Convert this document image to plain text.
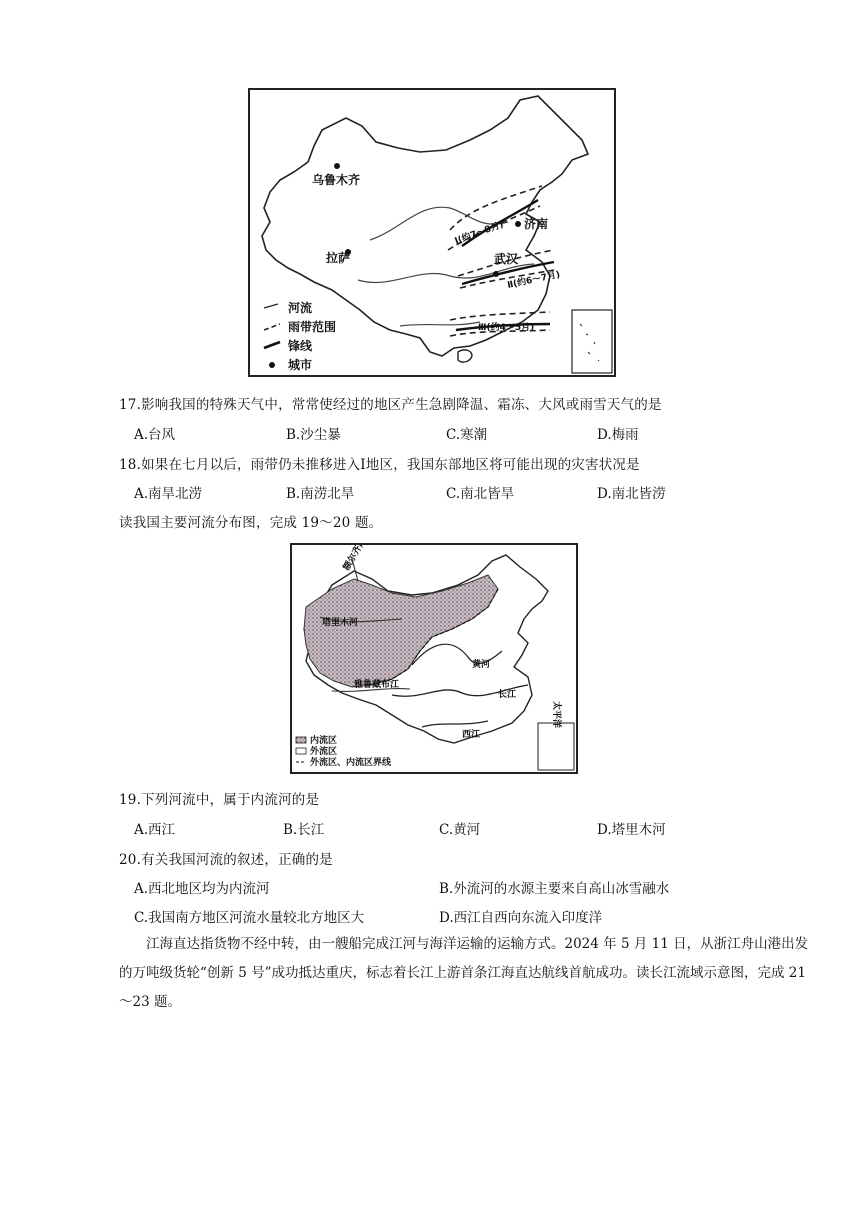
乌鲁木齐
拉萨
济南
武汉
Ⅰ(约7～8月)
Ⅱ(约6～7月)
Ⅲ(约4～5月)
河流
雨带范围
锋线
城市
17.影响我国的特殊天气中，常常使经过的地区产生急剧降温、霜冻、大风或雨雪天气的是
A.台风	B.沙尘暴	C.寒潮	D.梅雨
18.如果在七月以后，雨带仍未推移进入Ⅰ地区，我国东部地区将可能出现的灾害状况是
A.南旱北涝	B.南涝北旱	C.南北皆旱	D.南北皆涝
读我国主要河流分布图，完成 19～20 题。
额尔齐斯河
塔里木河
雅鲁藏布江
黄河
长江
西江
太平洋
内流区
外流区
外流区、内流区界线
19.下列河流中，属于内流河的是
A.西江	B.长江	C.黄河	D.塔里木河
20.有关我国河流的叙述，正确的是
A.西北地区均为内流河	B.外流河的水源主要来自高山冰雪融水
C.我国南方地区河流水量较北方地区大	D.西江自西向东流入印度洋
江海直达指货物不经中转，由一艘船完成江河与海洋运输的运输方式。2024 年 5 月 11 日，从浙江舟山港出发的万吨级货轮“创新 5 号”成功抵达重庆，标志着长江上游首条江海直达航线首航成功。读长江流域示意图，完成 21～23 题。
